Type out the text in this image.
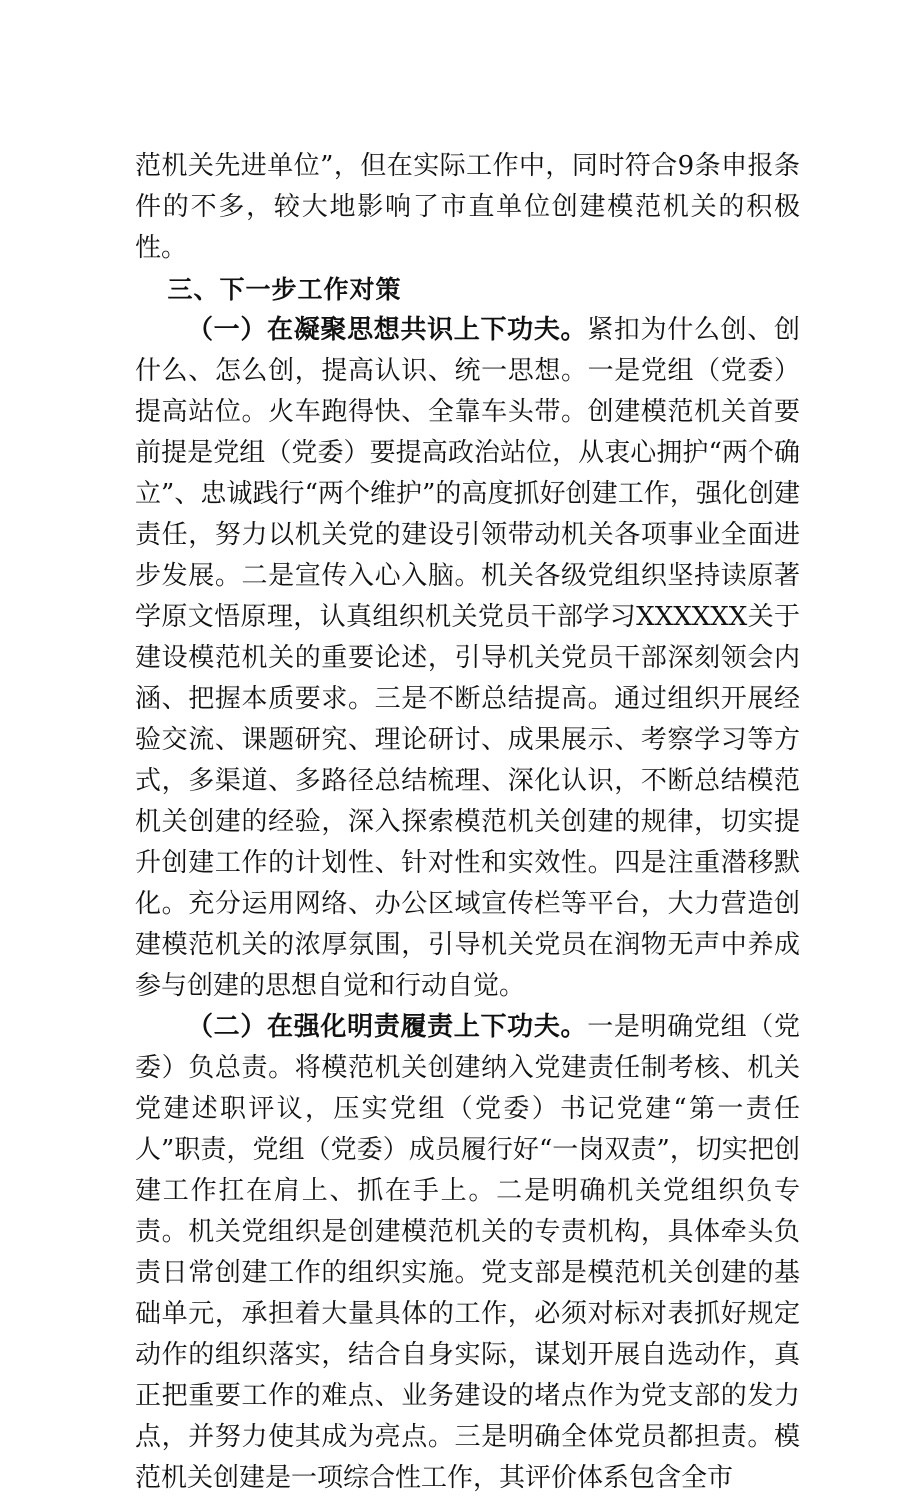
范机关先进单位”，但在实际工作中，同时符合9条申报条件的不多，较大地影响了市直单位创建模范机关的积极性。

三、下一步工作对策

（一）在凝聚思想共识上下功夫。紧扣为什么创、创什么、怎么创，提高认识、统一思想。一是党组（党委）提高站位。火车跑得快、全靠车头带。创建模范机关首要前提是党组（党委）要提高政治站位，从衷心拥护“两个确立”、忠诚践行“两个维护”的高度抓好创建工作，强化创建责任，努力以机关党的建设引领带动机关各项事业全面进步发展。二是宣传入心入脑。机关各级党组织坚持读原著学原文悟原理，认真组织机关党员干部学习XXXXXX关于建设模范机关的重要论述，引导机关党员干部深刻领会内涵、把握本质要求。三是不断总结提高。通过组织开展经验交流、课题研究、理论研讨、成果展示、考察学习等方式，多渠道、多路径总结梳理、深化认识，不断总结模范机关创建的经验，深入探索模范机关创建的规律，切实提升创建工作的计划性、针对性和实效性。四是注重潜移默化。充分运用网络、办公区域宣传栏等平台，大力营造创建模范机关的浓厚氛围，引导机关党员在润物无声中养成参与创建的思想自觉和行动自觉。

（二）在强化明责履责上下功夫。一是明确党组（党委）负总责。将模范机关创建纳入党建责任制考核、机关党建述职评议，压实党组（党委）书记党建“第一责任人”职责，党组（党委）成员履行好“一岗双责”，切实把创建工作扛在肩上、抓在手上。二是明确机关党组织负专责。机关党组织是创建模范机关的专责机构，具体牵头负责日常创建工作的组织实施。党支部是模范机关创建的基础单元，承担着大量具体的工作，必须对标对表抓好规定动作的组织落实，结合自身实际，谋划开展自选动作，真正把重要工作的难点、业务建设的堵点作为党支部的发力点，并努力使其成为亮点。三是明确全体党员都担责。模范机关创建是一项综合性工作，其评价体系包含全市
